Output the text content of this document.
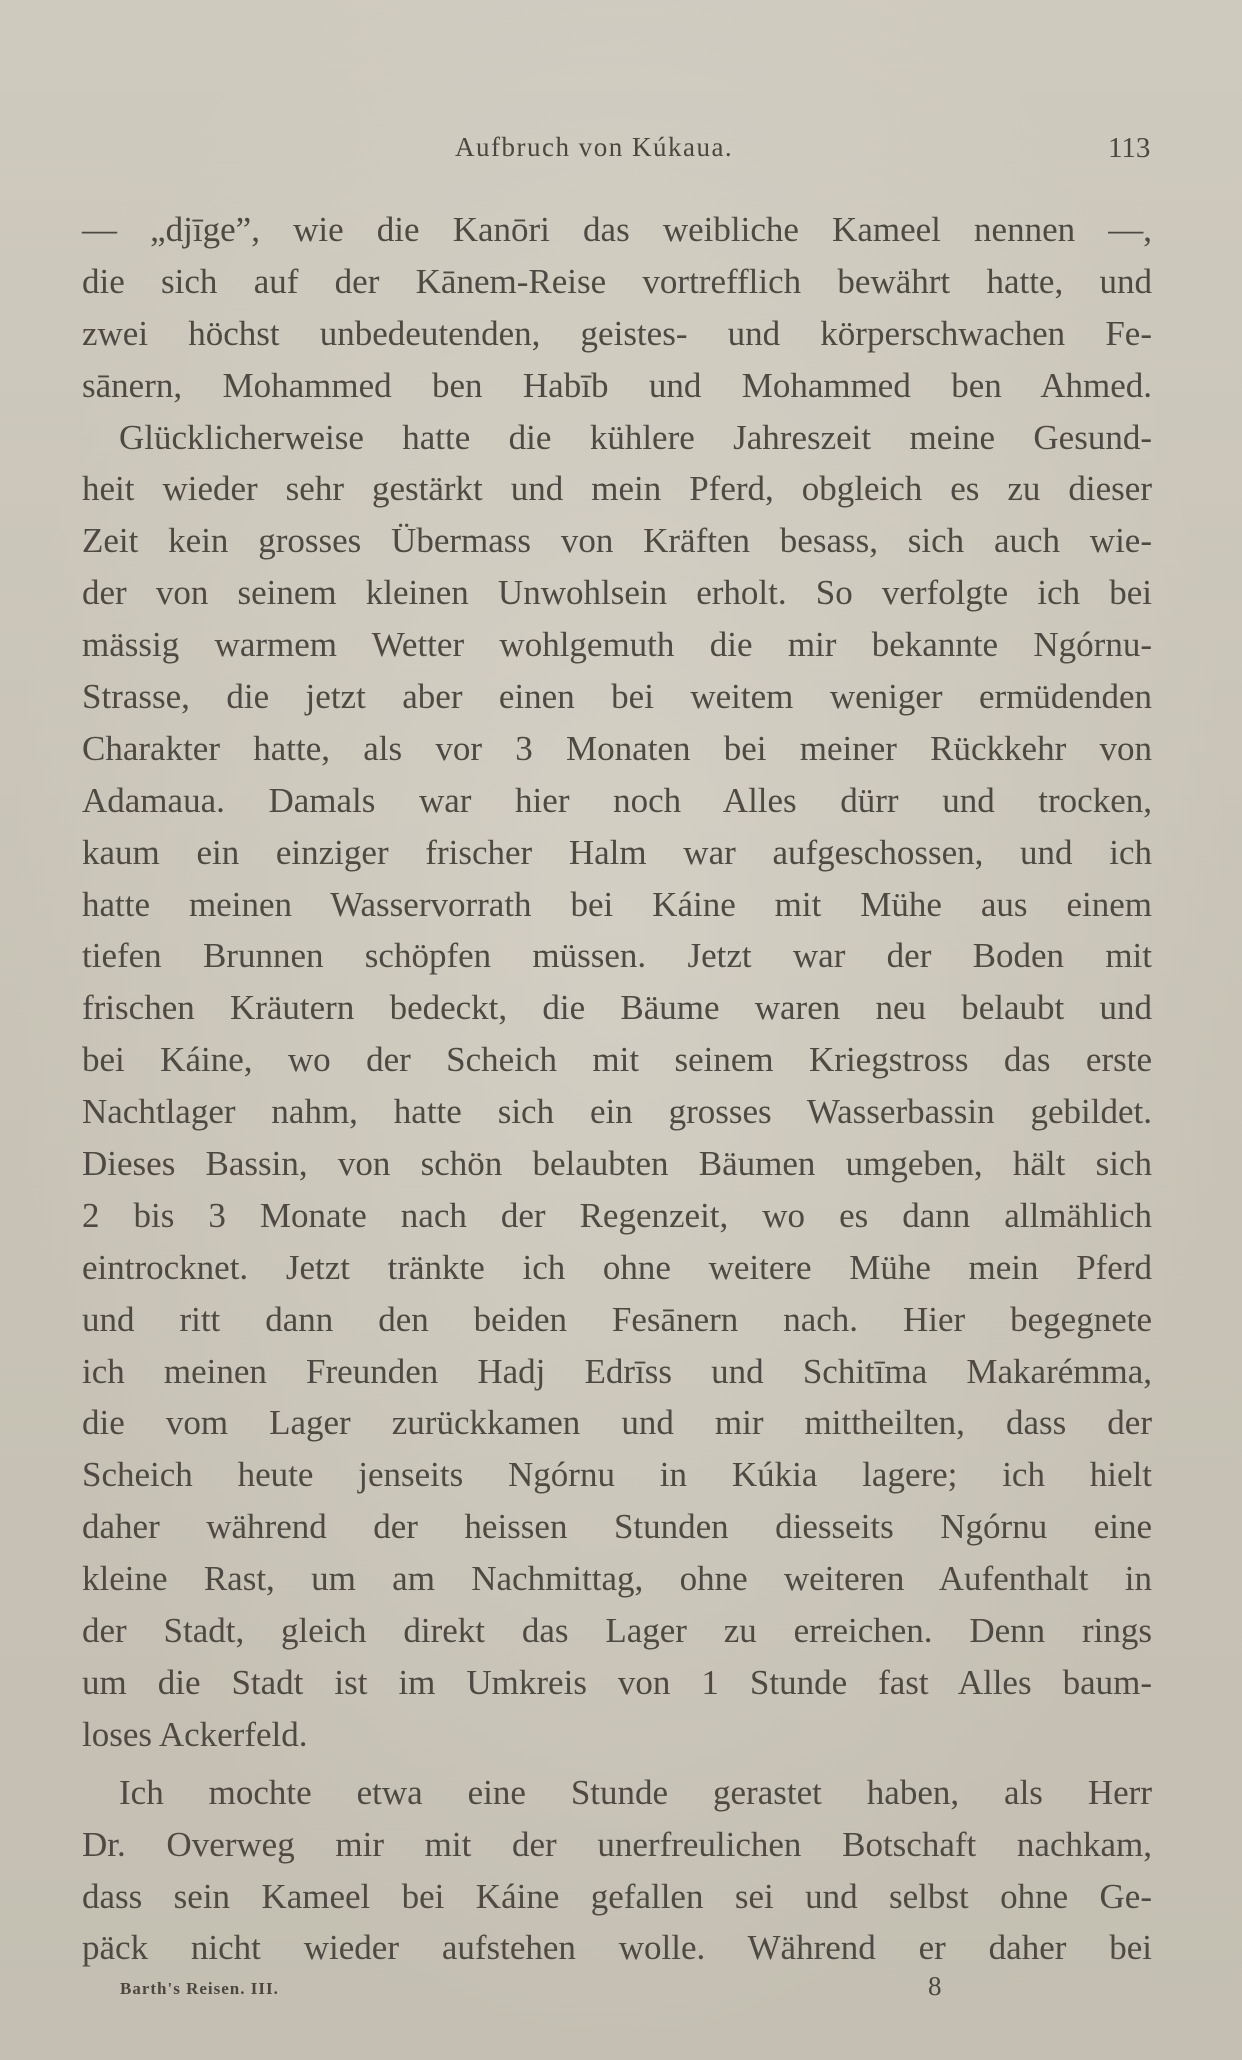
Aufbruch von Kúkaua.	113
— „djīge”, wie die Kanōri das weibliche Kameel nennen —,
die sich auf der Kānem-Reise vortrefflich bewährt hatte, und
zwei höchst unbedeutenden, geistes- und körperschwachen Fe-
sānern, Mohammed ben Habīb und Mohammed ben Ahmed.
Glücklicherweise hatte die kühlere Jahreszeit meine Gesund-
heit wieder sehr gestärkt und mein Pferd, obgleich es zu dieser
Zeit kein grosses Übermass von Kräften besass, sich auch wie-
der von seinem kleinen Unwohlsein erholt. So verfolgte ich bei
mässig warmem Wetter wohlgemuth die mir bekannte Ngórnu-
Strasse, die jetzt aber einen bei weitem weniger ermüdenden
Charakter hatte, als vor 3 Monaten bei meiner Rückkehr von
Adamaua. Damals war hier noch Alles dürr und trocken,
kaum ein einziger frischer Halm war aufgeschossen, und ich
hatte meinen Wasservorrath bei Káine mit Mühe aus einem
tiefen Brunnen schöpfen müssen. Jetzt war der Boden mit
frischen Kräutern bedeckt, die Bäume waren neu belaubt und
bei Káine, wo der Scheich mit seinem Kriegstross das erste
Nachtlager nahm, hatte sich ein grosses Wasserbassin gebildet.
Dieses Bassin, von schön belaubten Bäumen umgeben, hält sich
2 bis 3 Monate nach der Regenzeit, wo es dann allmählich
eintrocknet. Jetzt tränkte ich ohne weitere Mühe mein Pferd
und ritt dann den beiden Fesānern nach. Hier begegnete
ich meinen Freunden Hadj Edrīss und Schitīma Makarémma,
die vom Lager zurückkamen und mir mittheilten, dass der
Scheich heute jenseits Ngórnu in Kúkia lagere; ich hielt
daher während der heissen Stunden diesseits Ngórnu eine
kleine Rast, um am Nachmittag, ohne weiteren Aufenthalt in
der Stadt, gleich direkt das Lager zu erreichen. Denn rings
um die Stadt ist im Umkreis von 1 Stunde fast Alles baum-
loses Ackerfeld.
Ich mochte etwa eine Stunde gerastet haben, als Herr
Dr. Overweg mir mit der unerfreulichen Botschaft nachkam,
dass sein Kameel bei Káine gefallen sei und selbst ohne Ge-
päck nicht wieder aufstehen wolle. Während er daher bei
Barth's Reisen. III.	8
